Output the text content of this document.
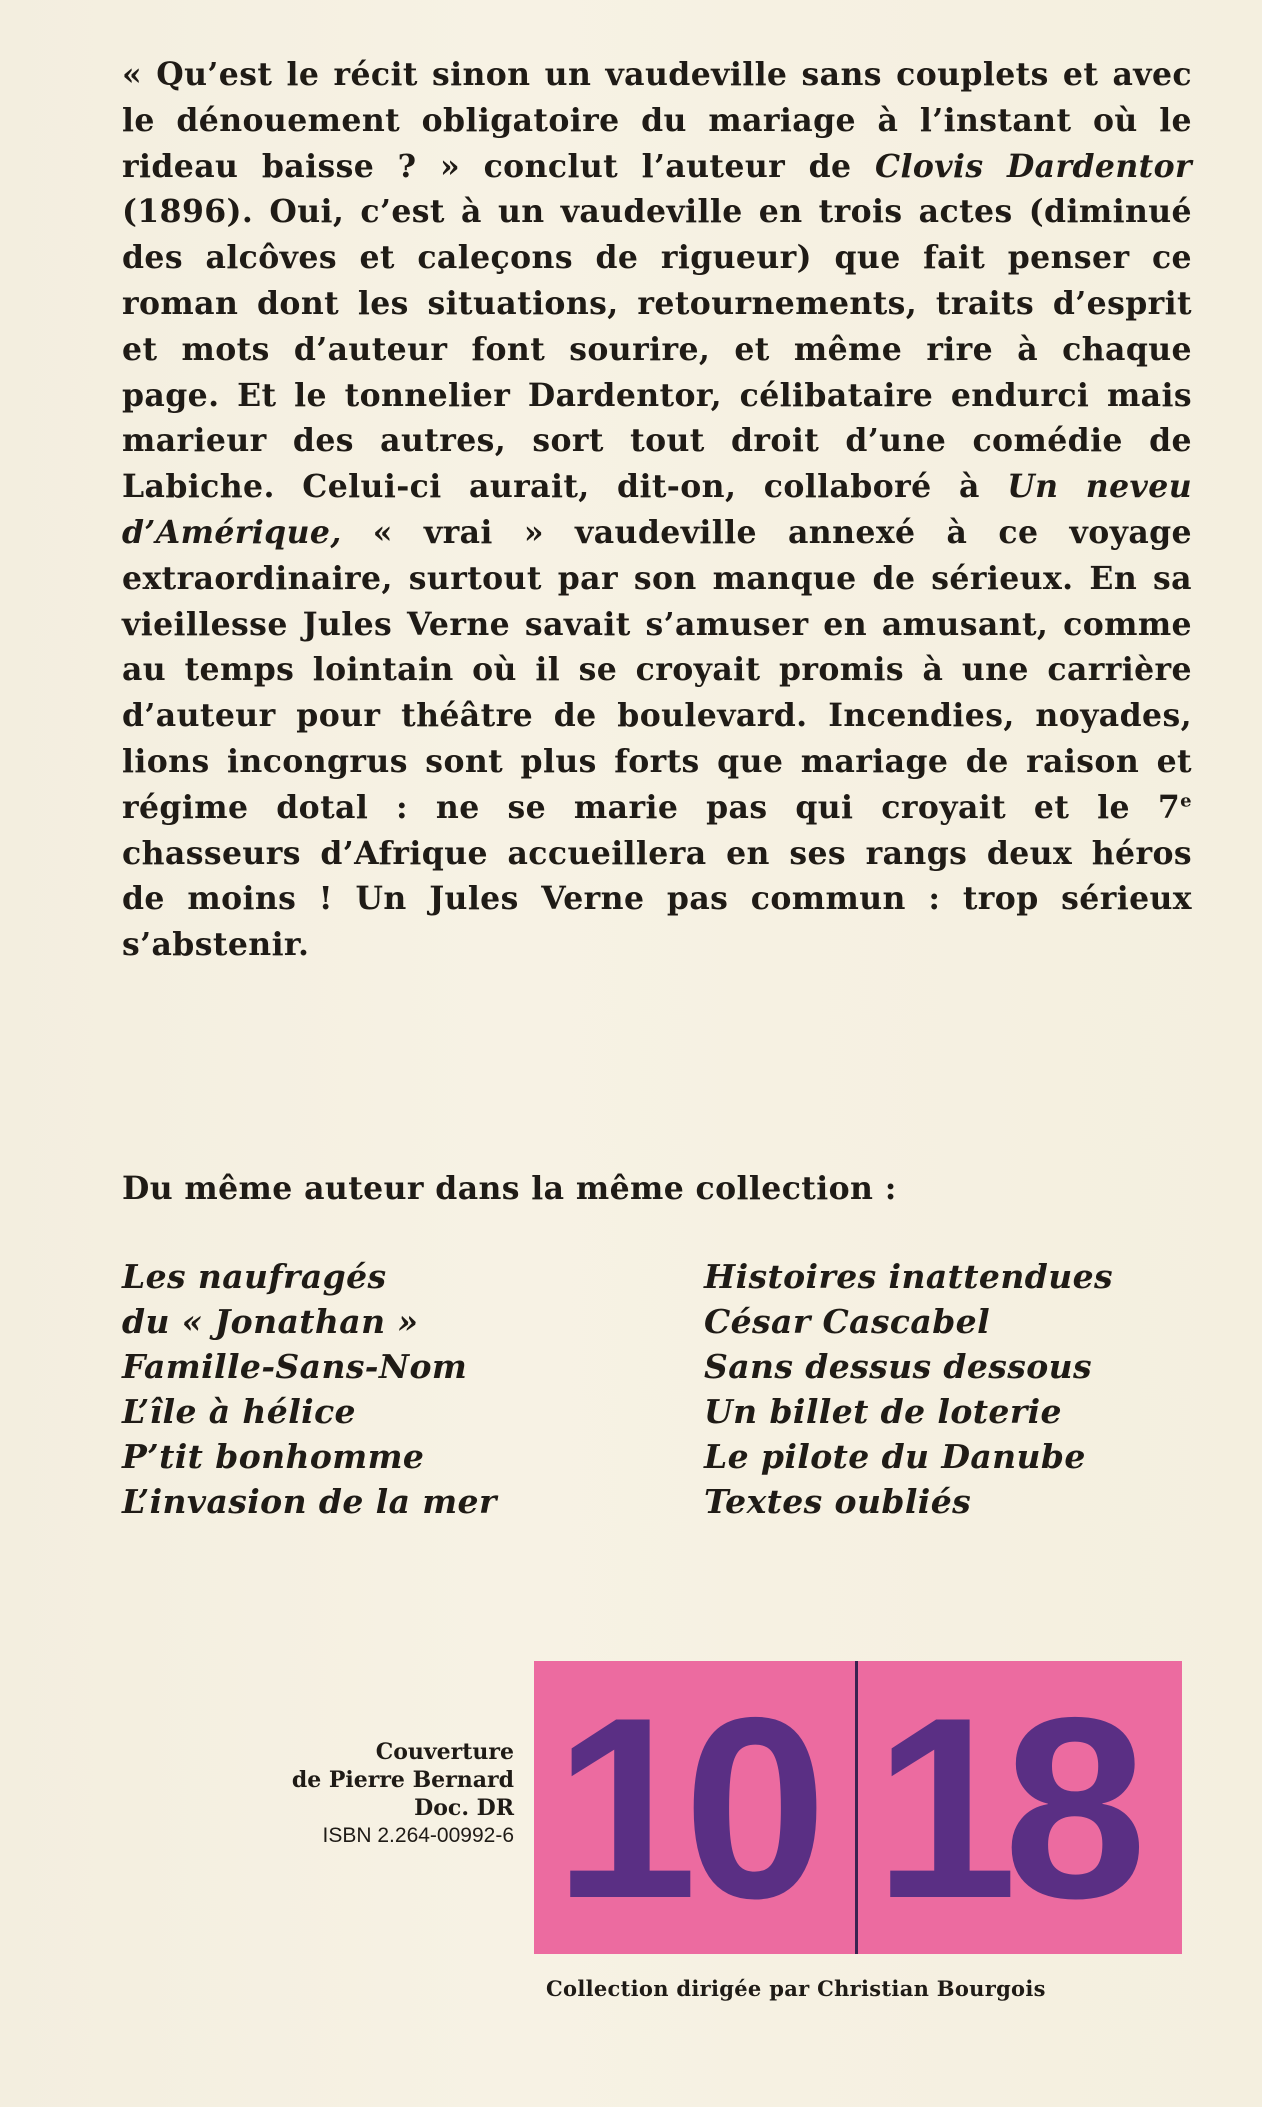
« Qu’est le récit sinon un vaudeville sans couplets et avec le dénouement obligatoire du mariage à l’instant où le rideau baisse ? » conclut l’auteur de Clovis Dardentor (1896). Oui, c’est à un vaudeville en trois actes (diminué des alcôves et caleçons de rigueur) que fait penser ce roman dont les situations, retournements, traits d’esprit et mots d’auteur font sourire, et même rire à chaque page. Et le tonnelier Dardentor, célibataire endurci mais marieur des autres, sort tout droit d’une comédie de Labiche. Celui-ci aurait, dit-on, collaboré à Un neveu d’Amérique, « vrai » vaudeville annexé à ce voyage extraordinaire, surtout par son manque de sérieux. En sa vieillesse Jules Verne savait s’amuser en amusant, comme au temps lointain où il se croyait promis à une carrière d’auteur pour théâtre de boulevard. Incendies, noyades, lions incongrus sont plus forts que mariage de raison et régime dotal : ne se marie pas qui croyait et le 7e chasseurs d’Afrique accueillera en ses rangs deux héros de moins ! Un Jules Verne pas commun : trop sérieux s’abstenir.

Du même auteur dans la même collection :

Les naufragés
du « Jonathan »
Famille-Sans-Nom
L’île à hélice
P’tit bonhomme
L’invasion de la mer
Histoires inattendues
César Cascabel
Sans dessus dessous
Un billet de loterie
Le pilote du Danube
Textes oubliés
Couverture
de Pierre Bernard
Doc. DR
ISBN 2.264-00992-6 10 18
Collection dirigée par Christian Bourgois
